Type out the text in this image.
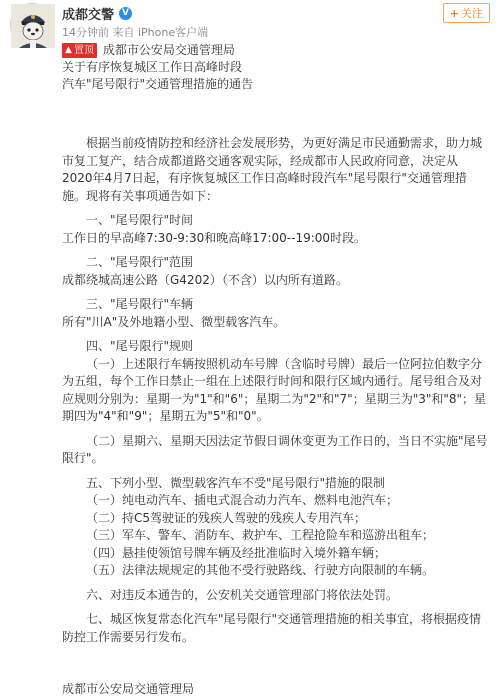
成都交警 V
14分钟前 来自 iPhone客户端
+ 关注
▲ 置顶 成都市公安局交通管理局
关于有序恢复城区工作日高峰时段
汽车"尾号限行"交通管理措施的通告

根据当前疫情防控和经济社会发展形势，为更好满足市民通勤需求，助力城市复工复产，结合成都道路交通客观实际，经成都市人民政府同意，决定从2020年4月7日起，有序恢复城区工作日高峰时段汽车"尾号限行"交通管理措施。现将有关事项通告如下：

一、"尾号限行"时间

工作日的早高峰7:30-9:30和晚高峰17:00--19:00时段。

二、"尾号限行"范围

成都绕城高速公路（G4202）（不含）以内所有道路。

三、"尾号限行"车辆

所有"川A"及外地籍小型、微型载客汽车。

四、"尾号限行"规则

（一）上述限行车辆按照机动车号牌（含临时号牌）最后一位阿拉伯数字分为五组，每个工作日禁止一组在上述限行时间和限行区域内通行。尾号组合及对应规则分别为：星期一为"1"和"6"；星期二为"2"和"7"；星期三为"3"和"8"；星期四为"4"和"9"；星期五为"5"和"0"。

（二）星期六、星期天因法定节假日调休变更为工作日的，当日不实施"尾号限行"。

五、下列小型、微型载客汽车不受"尾号限行"措施的限制

（一）纯电动汽车、插电式混合动力汽车、燃料电池汽车；

（二）持C5驾驶证的残疾人驾驶的残疾人专用汽车；

（三）军车、警车、消防车、救护车、工程抢险车和巡游出租车；

（四）悬挂使领馆号牌车辆及经批准临时入境外籍车辆；

（五）法律法规规定的其他不受行驶路线、行驶方向限制的车辆。

六、对违反本通告的，公安机关交通管理部门将依法处罚。

七、城区恢复常态化汽车"尾号限行"交通管理措施的相关事宜，将根据疫情防控工作需要另行发布。

成都市公安局交通管理局
